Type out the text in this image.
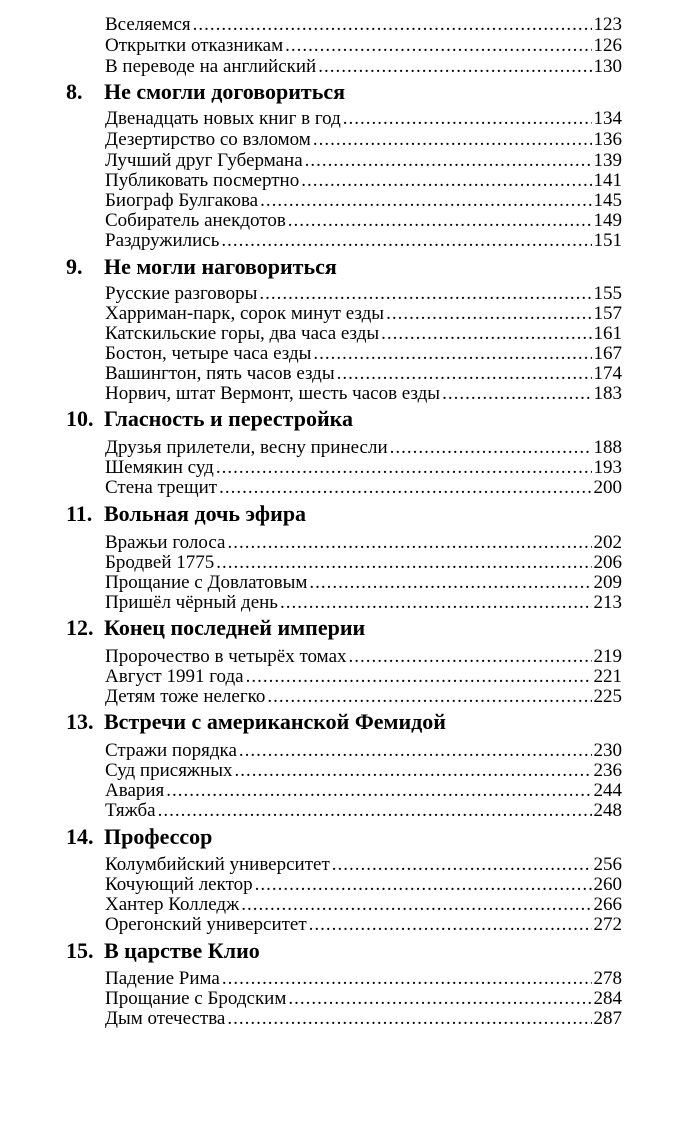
Вселяемся .....	123
Открытки отказникам .....	126
В переводе на английский .....	130
8. Не смогли договориться
Двенадцать новых книг в год .....	134
Дезертирство со взломом .....	136
Лучший друг Губермана .....	139
Публиковать посмертно .....	141
Биограф Булгакова .....	145
Собиратель анекдотов .....	149
Раздружились .....	151
9. Не могли наговориться
Русские разговоры .....	155
Харриман-парк, сорок минут езды .....	157
Катскильские горы, два часа езды .....	161
Бостон, четыре часа езды .....	167
Вашингтон, пять часов езды .....	174
Норвич, штат Вермонт, шесть часов езды .....	183
10. Гласность и перестройка
Друзья прилетели, весну принесли .....	188
Шемякин суд .....	193
Стена трещит .....	200
11. Вольная дочь эфира
Вражьи голоса .....	202
Бродвей 1775 .....	206
Прощание с Довлатовым .....	209
Пришёл чёрный день .....	213
12. Конец последней империи
Пророчество в четырёх томах .....	219
Август 1991 года .....	221
Детям тоже нелегко .....	225
13. Встречи с американской Фемидой
Стражи порядка .....	230
Суд присяжных .....	236
Авария .....	244
Тяжба .....	248
14. Профессор
Колумбийский университет .....	256
Кочующий лектор .....	260
Хантер Колледж .....	266
Орегонский университет .....	272
15. В царстве Клио
Падение Рима .....	278
Прощание с Бродским .....	284
Дым отечества .....	287
